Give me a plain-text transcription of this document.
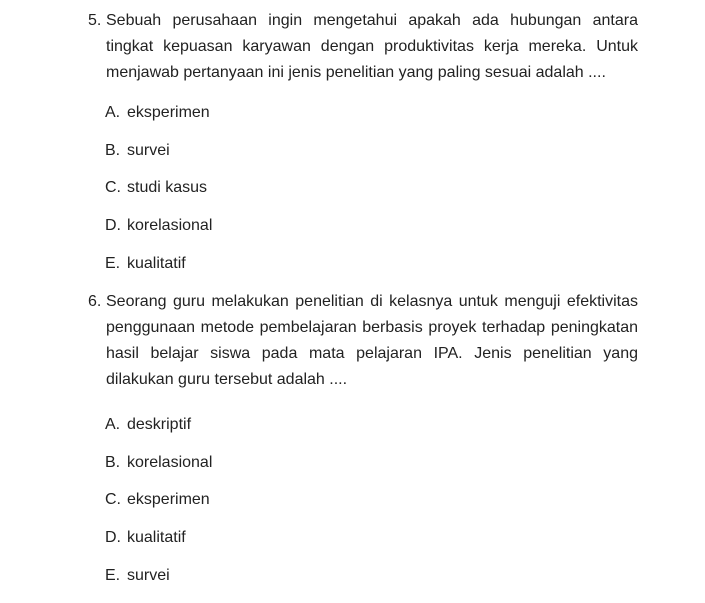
5. Sebuah perusahaan ingin mengetahui apakah ada hubungan antara tingkat kepuasan karyawan dengan produktivitas kerja mereka. Untuk menjawab pertanyaan ini jenis penelitian yang paling sesuai adalah ....
A. eksperimen
B. survei
C. studi kasus
D. korelasional
E. kualitatif
6. Seorang guru melakukan penelitian di kelasnya untuk menguji efektivitas penggunaan metode pembelajaran berbasis proyek terhadap peningkatan hasil belajar siswa pada mata pelajaran IPA. Jenis penelitian yang dilakukan guru tersebut adalah ....
A. deskriptif
B. korelasional
C. eksperimen
D. kualitatif
E. survei
